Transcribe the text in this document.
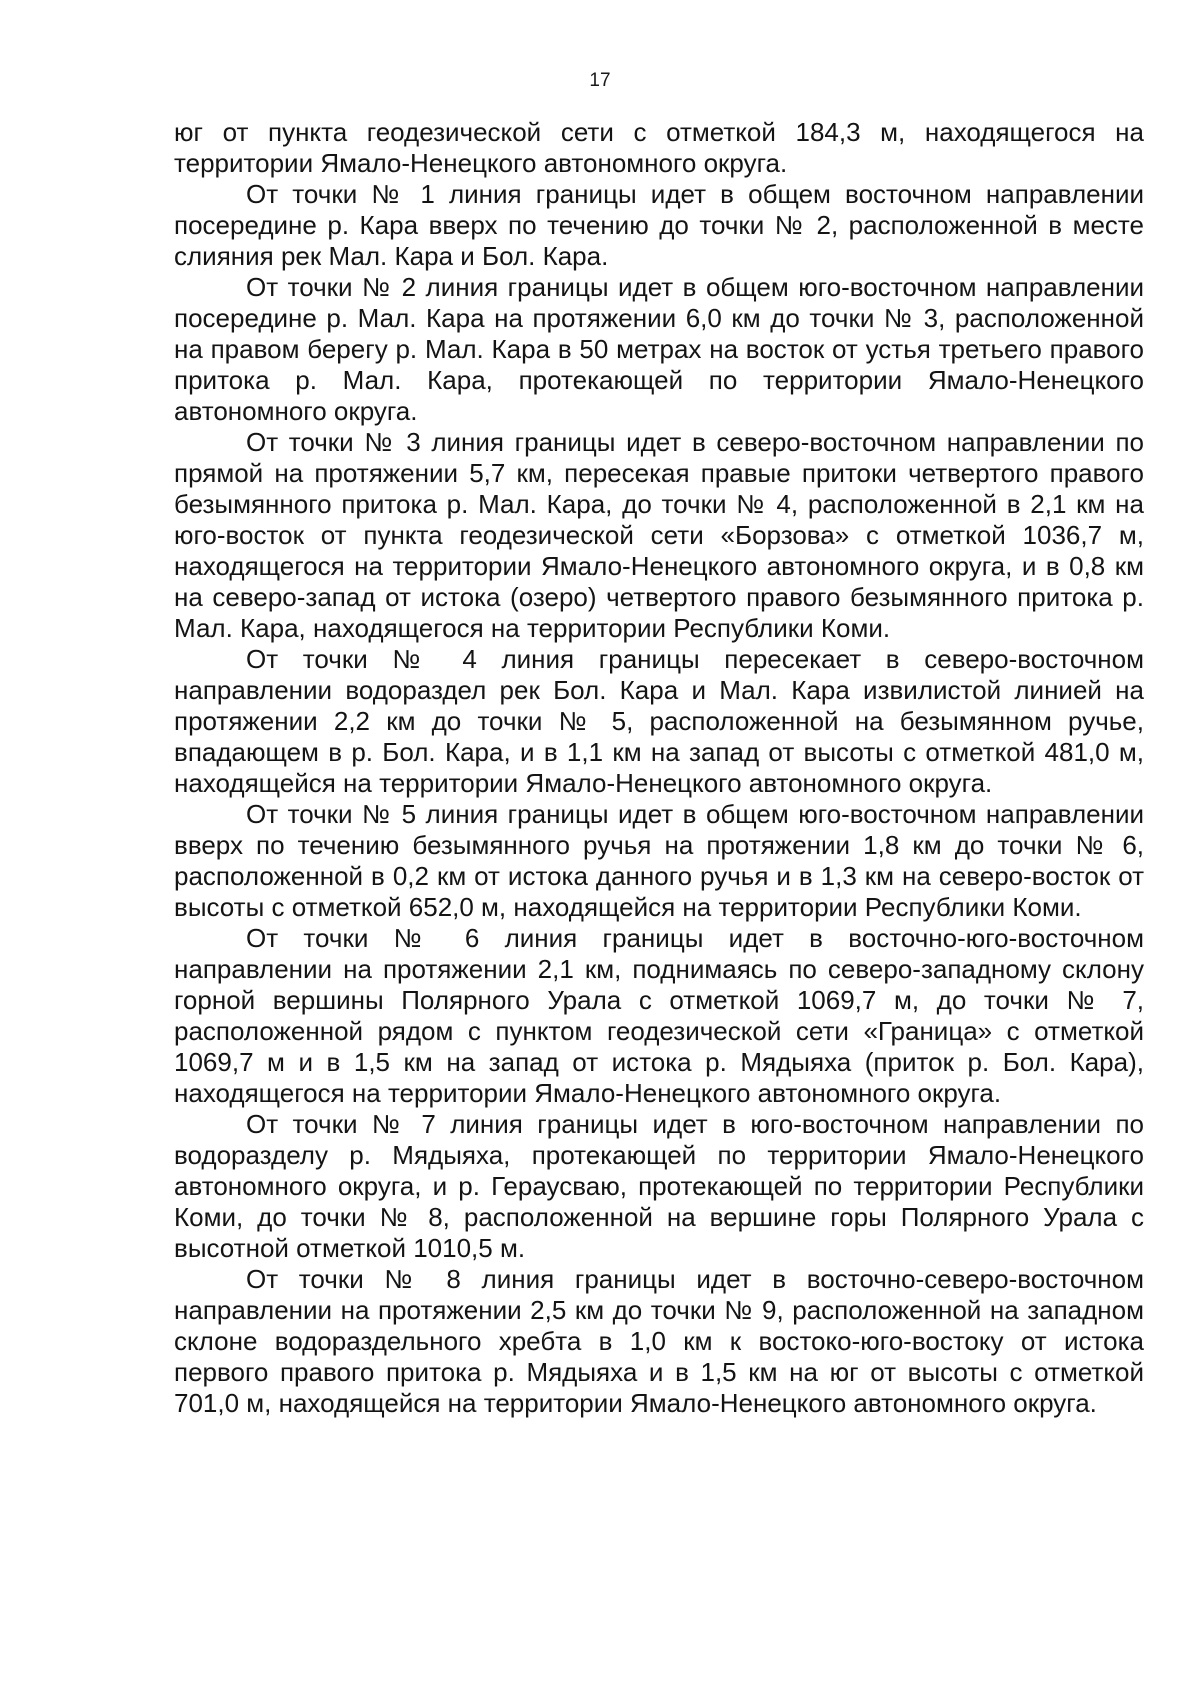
17

юг от пункта геодезической сети с отметкой 184,3 м, находящегося на территории Ямало-Ненецкого автономного округа.

От точки № 1 линия границы идет в общем восточном направлении посередине р. Кара вверх по течению до точки № 2, расположенной в месте слияния рек Мал. Кара и Бол. Кара.

От точки № 2 линия границы идет в общем юго-восточном направлении посередине р. Мал. Кара на протяжении 6,0 км до точки № 3, расположенной на правом берегу р. Мал. Кара в 50 метрах на восток от устья третьего правого притока р. Мал. Кара, протекающей по территории Ямало-Ненецкого автономного округа.

От точки № 3 линия границы идет в северо-восточном направлении по прямой на протяжении 5,7 км, пересекая правые притоки четвертого правого безымянного притока р. Мал. Кара, до точки № 4, расположенной в 2,1 км на юго-восток от пункта геодезической сети «Борзова» с отметкой 1036,7 м, находящегося на территории Ямало-Ненецкого автономного округа, и в 0,8 км на северо-запад от истока (озеро) четвертого правого безымянного притока р. Мал. Кара, находящегося на территории Республики Коми.

От точки № 4 линия границы пересекает в северо-восточном направлении водораздел рек Бол. Кара и Мал. Кара извилистой линией на протяжении 2,2 км до точки № 5, расположенной на безымянном ручье, впадающем в р. Бол. Кара, и в 1,1 км на запад от высоты с отметкой 481,0 м, находящейся на территории Ямало-Ненецкого автономного округа.

От точки № 5 линия границы идет в общем юго-восточном направлении вверх по течению безымянного ручья на протяжении 1,8 км до точки № 6, расположенной в 0,2 км от истока данного ручья и в 1,3 км на северо-восток от высоты с отметкой 652,0 м, находящейся на территории Республики Коми.

От точки № 6 линия границы идет в восточно-юго-восточном направлении на протяжении 2,1 км, поднимаясь по северо-западному склону горной вершины Полярного Урала с отметкой 1069,7 м, до точки № 7, расположенной рядом с пунктом геодезической сети «Граница» с отметкой 1069,7 м и в 1,5 км на запад от истока р. Мядыяха (приток р. Бол. Кара), находящегося на территории Ямало-Ненецкого автономного округа.

От точки № 7 линия границы идет в юго-восточном направлении по водоразделу р. Мядыяха, протекающей по территории Ямало-Ненецкого автономного округа, и р. Гераусваю, протекающей по территории Республики Коми, до точки № 8, расположенной на вершине горы Полярного Урала с высотной отметкой 1010,5 м.

От точки № 8 линия границы идет в восточно-северо-восточном направлении на протяжении 2,5 км до точки № 9, расположенной на западном склоне водораздельного хребта в 1,0 км к востоко-юго-востоку от истока первого правого притока р. Мядыяха и в 1,5 км на юг от высоты с отметкой 701,0 м, находящейся на территории Ямало-Ненецкого автономного округа.
